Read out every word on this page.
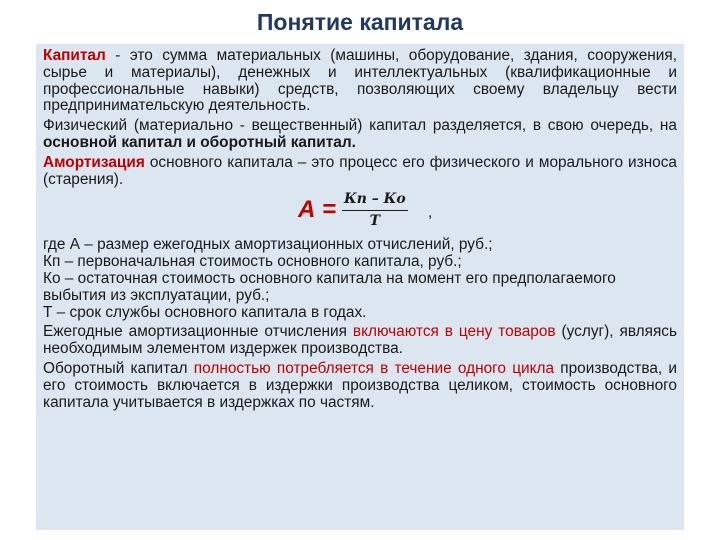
Понятие капитала

Капитал - это сумма материальных (машины, оборудование, здания, сооружения, сырье и материалы), денежных и интеллектуальных (квалификационные и профессиональные навыки) средств, позволяющих своему владельцу вести предпринимательскую деятельность.

Физический (материально - вещественный) капитал разделяется, в свою очередь, на основной капитал и оборотный капитал.

Амортизация основного капитала – это процесс его физического и морального износа (старения).

$А = \frac{Кп - Ко}{T}$ ,

где А – размер ежегодных амортизационных отчислений, руб.;

Кп – первоначальная стоимость основного капитала, руб.;

Ко – остаточная стоимость основного капитала на момент его предполагаемого выбытия из эксплуатации, руб.;

Т – срок службы основного капитала в годах.

Ежегодные амортизационные отчисления включаются в цену товаров (услуг), являясь необходимым элементом издержек производства.

Оборотный капитал полностью потребляется в течение одного цикла производства, и его стоимость включается в издержки производства целиком, стоимость основного капитала учитывается в издержках по частям.
